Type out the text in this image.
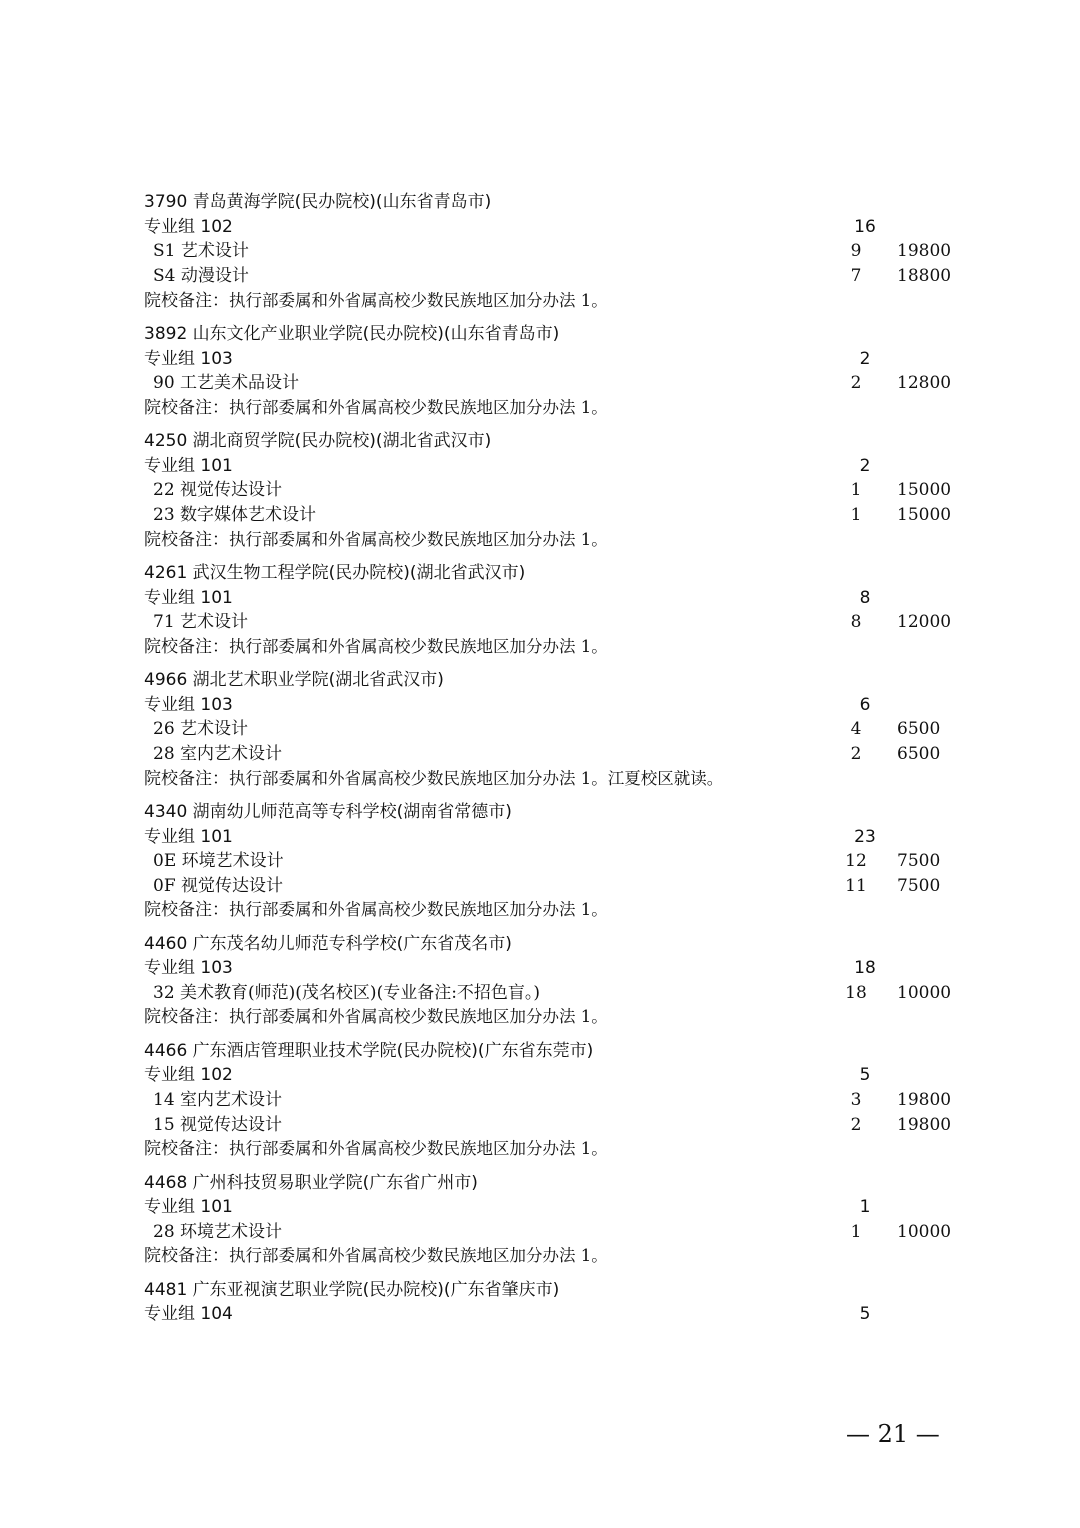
3790 青岛黄海学院(民办院校)(山东省青岛市)
专业组 102	16
S1 艺术设计	9	19800
S4 动漫设计	7	18800
院校备注：执行部委属和外省属高校少数民族地区加分办法 1。
3892 山东文化产业职业学院(民办院校)(山东省青岛市)
专业组 103	2
90 工艺美术品设计	2	12800
院校备注：执行部委属和外省属高校少数民族地区加分办法 1。
4250 湖北商贸学院(民办院校)(湖北省武汉市)
专业组 101	2
22 视觉传达设计	1	15000
23 数字媒体艺术设计	1	15000
院校备注：执行部委属和外省属高校少数民族地区加分办法 1。
4261 武汉生物工程学院(民办院校)(湖北省武汉市)
专业组 101	8
71 艺术设计	8	12000
院校备注：执行部委属和外省属高校少数民族地区加分办法 1。
4966 湖北艺术职业学院(湖北省武汉市)
专业组 103	6
26 艺术设计	4	6500
28 室内艺术设计	2	6500
院校备注：执行部委属和外省属高校少数民族地区加分办法 1。江夏校区就读。
4340 湖南幼儿师范高等专科学校(湖南省常德市)
专业组 101	23
0E 环境艺术设计	12	7500
0F 视觉传达设计	11	7500
院校备注：执行部委属和外省属高校少数民族地区加分办法 1。
4460 广东茂名幼儿师范专科学校(广东省茂名市)
专业组 103	18
32 美术教育(师范)(茂名校区)(专业备注:不招色盲。)	18	10000
院校备注：执行部委属和外省属高校少数民族地区加分办法 1。
4466 广东酒店管理职业技术学院(民办院校)(广东省东莞市)
专业组 102	5
14 室内艺术设计	3	19800
15 视觉传达设计	2	19800
院校备注：执行部委属和外省属高校少数民族地区加分办法 1。
4468 广州科技贸易职业学院(广东省广州市)
专业组 101	1
28 环境艺术设计	1	10000
院校备注：执行部委属和外省属高校少数民族地区加分办法 1。
4481 广东亚视演艺职业学院(民办院校)(广东省肇庆市)
专业组 104	5
— 21 —
